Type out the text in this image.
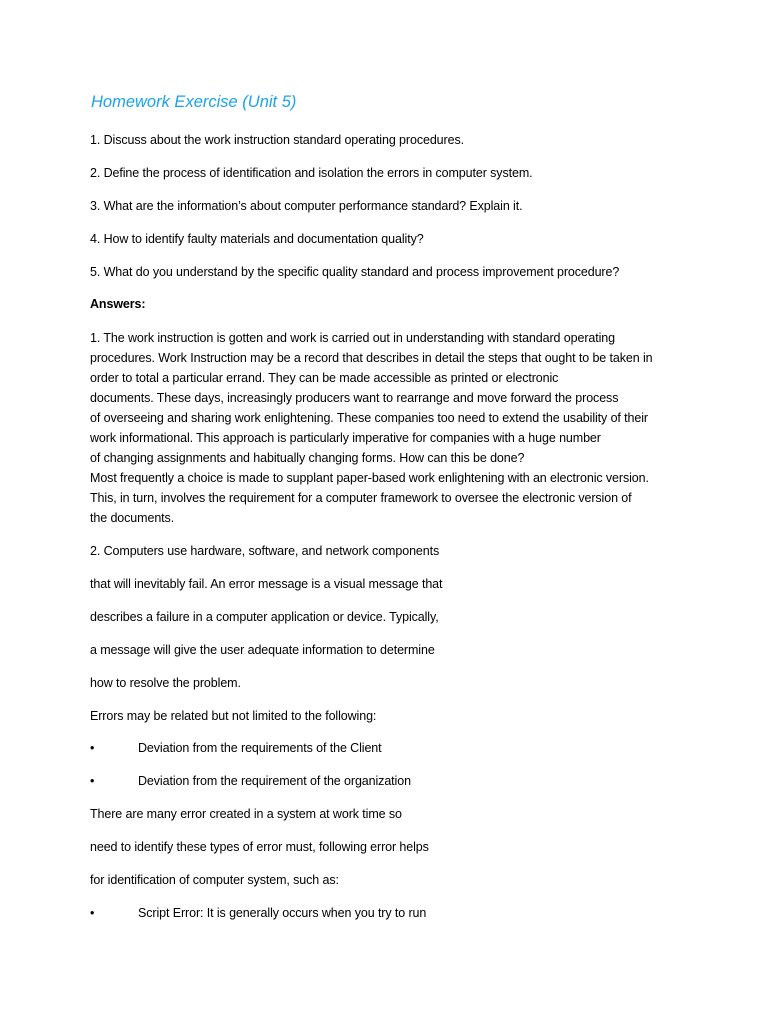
Homework Exercise (Unit 5)
1. Discuss about the work instruction standard operating procedures.
2. Define the process of identification and isolation the errors in computer system.
3. What are the information’s about computer performance standard? Explain it.
4. How to identify faulty materials and documentation quality?
5. What do you understand by the specific quality standard and process improvement procedure?
Answers:
1. The work instruction is gotten and work is carried out in understanding with standard operating
procedures. Work Instruction may be a record that describes in detail the steps that ought to be taken in
order to total a particular errand. They can be made accessible as printed or electronic
documents. These days, increasingly producers want to rearrange and move forward the process
of overseeing and sharing work enlightening. These companies too need to extend the usability of their
work informational. This approach is particularly imperative for companies with a huge number
of changing assignments and habitually changing forms. How can this be done?
Most frequently a choice is made to supplant paper-based work enlightening with an electronic version.
This, in turn, involves the requirement for a computer framework to oversee the electronic version of
the documents.
2. Computers use hardware, software, and network components
that will inevitably fail. An error message is a visual message that
describes a failure in a computer application or device. Typically,
a message will give the user adequate information to determine
how to resolve the problem.
Errors may be related but not limited to the following:
•	Deviation from the requirements of the Client
•	Deviation from the requirement of the organization
There are many error created in a system at work time so
need to identify these types of error must, following error helps
for identification of computer system, such as:
•	Script Error: It is generally occurs when you try to run
